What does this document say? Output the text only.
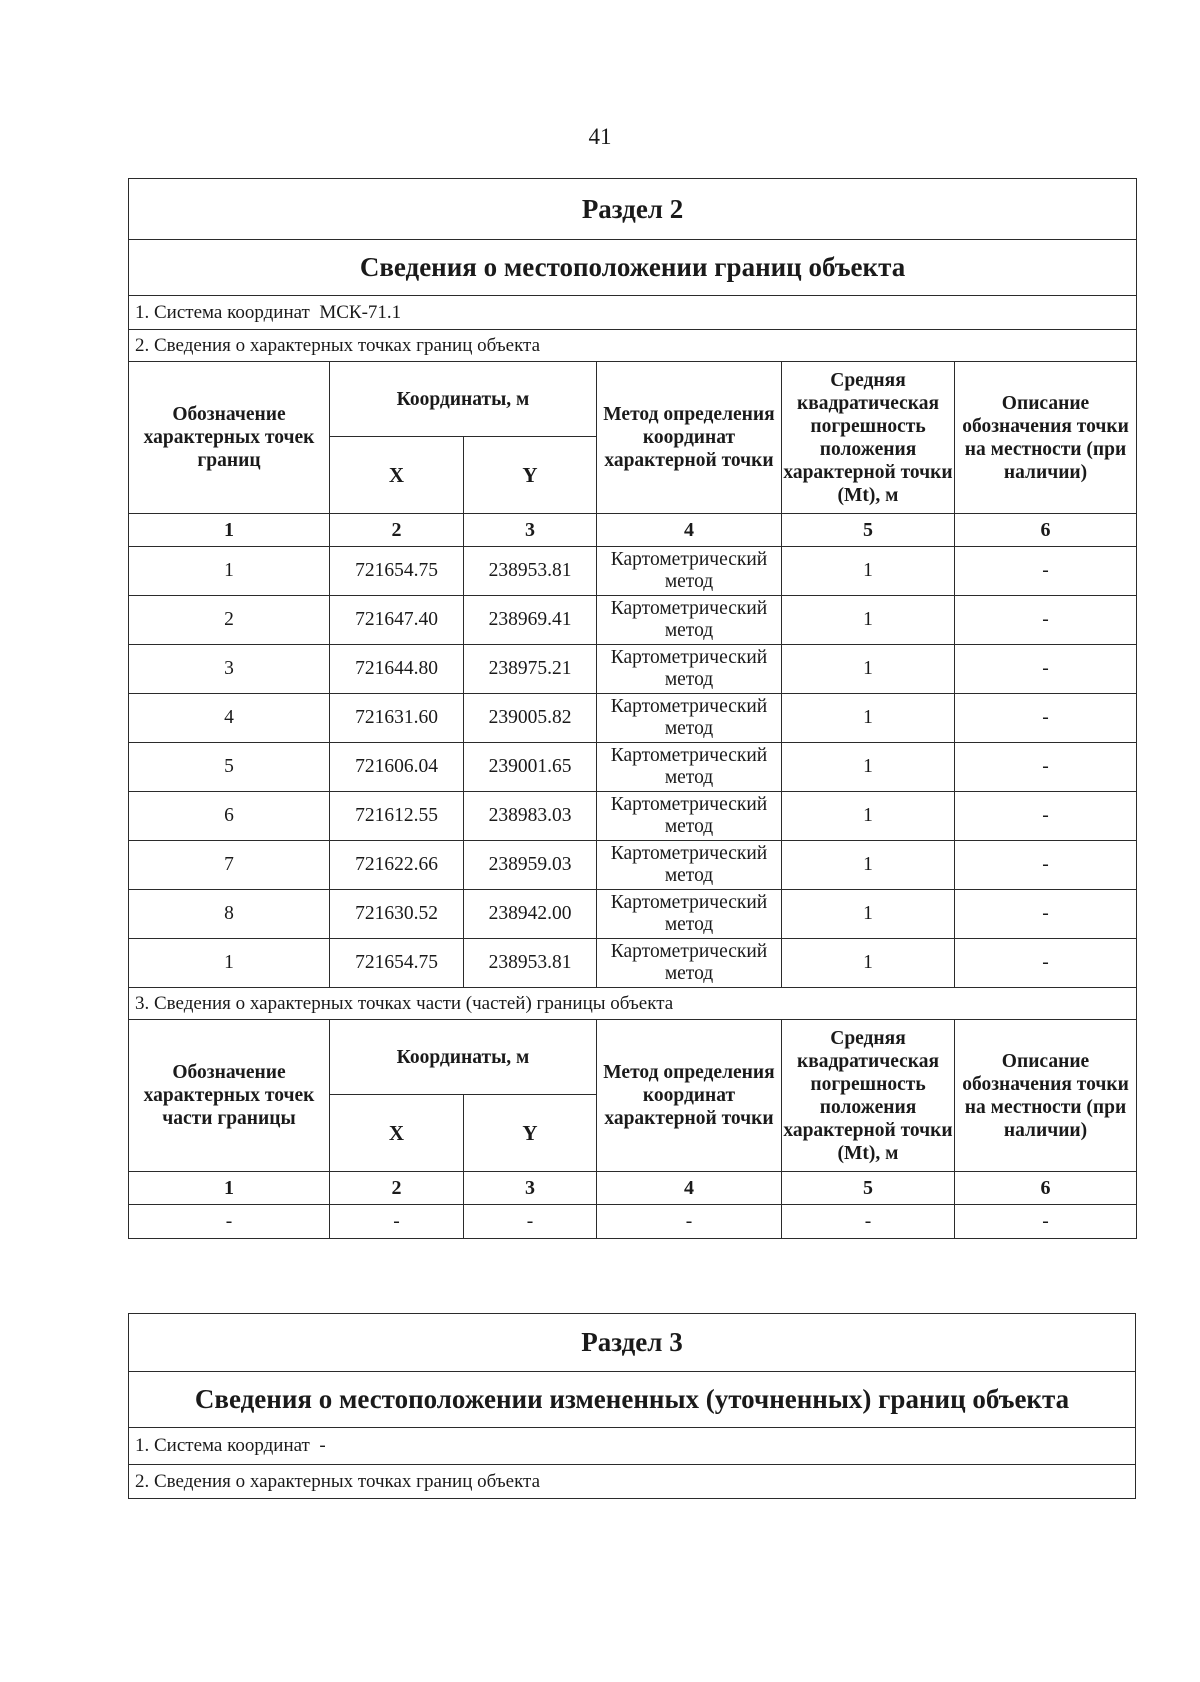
41
Раздел 2					
Сведения о местоположении границ объекта					
1. Система координат МСК-71.1					
2. Сведения о характерных точках границ объекта					
Обозначение характерных точек границ	Координаты, м		Метод определения координат характерной точки	Средняя квадратическая погрешность положения характерной точки (Mt), м	Описание обозначения точки на местности (при наличии)
	X	Y			
1	2	3	4	5	6
1	721654.75	238953.81	Картометрический метод	1	-
2	721647.40	238969.41	Картометрический метод	1	-
3	721644.80	238975.21	Картометрический метод	1	-
4	721631.60	239005.82	Картометрический метод	1	-
5	721606.04	239001.65	Картометрический метод	1	-
6	721612.55	238983.03	Картометрический метод	1	-
7	721622.66	238959.03	Картометрический метод	1	-
8	721630.52	238942.00	Картометрический метод	1	-
1	721654.75	238953.81	Картометрический метод	1	-
3. Сведения о характерных точках части (частей) границы объекта					
Обозначение характерных точек части границы	Координаты, м		Метод определения координат характерной точки	Средняя квадратическая погрешность положения характерной точки (Mt), м	Описание обозначения точки на местности (при наличии)
	X	Y			
1	2	3	4	5	6
-	-	-	-	-	-
Раздел 3
Сведения о местоположении измененных (уточненных) границ объекта
1. Система координат -
2. Сведения о характерных точках границ объекта
